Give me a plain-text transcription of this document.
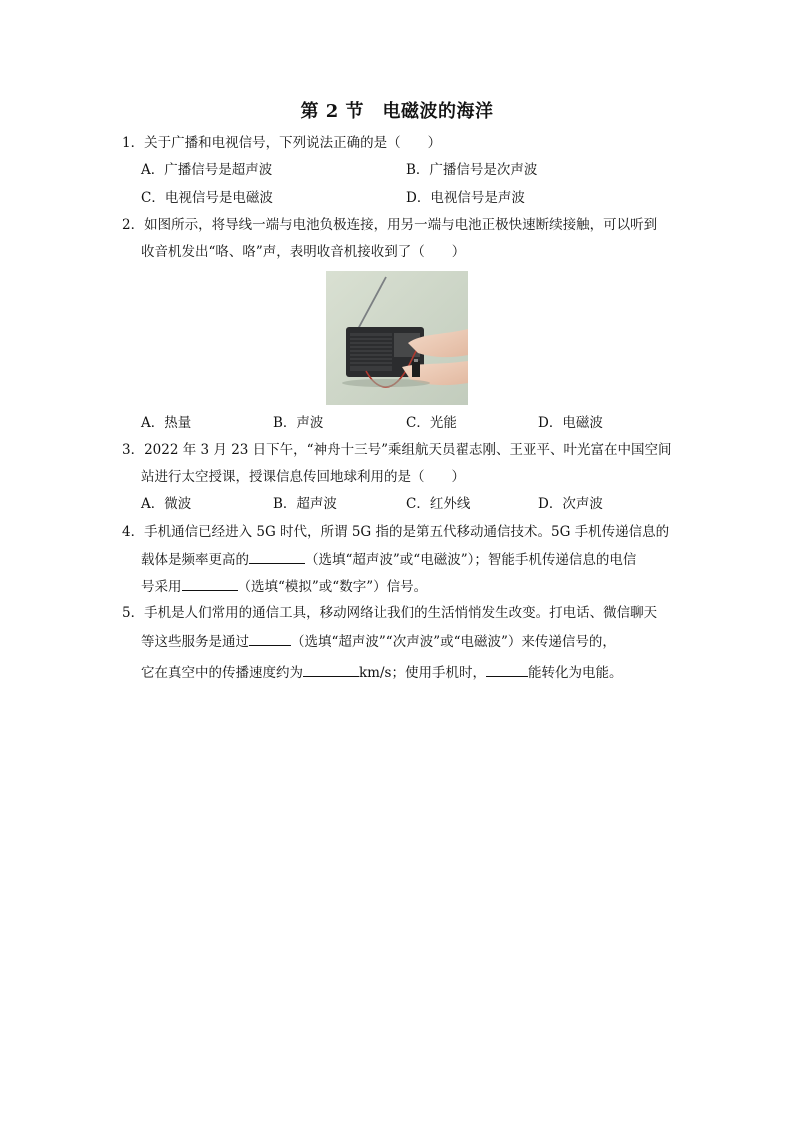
第 2 节　电磁波的海洋
1．关于广播和电视信号，下列说法正确的是（　　）
A．广播信号是超声波	B．广播信号是次声波
C．电视信号是电磁波	D．电视信号是声波
2．如图所示，将导线一端与电池负极连接，用另一端与电池正极快速断续接触，可以听到
收音机发出“咯、咯”声，表明收音机接收到了（　　）
A．热量	B．声波	C．光能	D．电磁波
3．2022 年 3 月 23 日下午，“神舟十三号”乘组航天员翟志刚、王亚平、叶光富在中国空间
站进行太空授课，授课信息传回地球利用的是（　　）
A．微波	B．超声波	C．红外线	D．次声波
4．手机通信已经进入 5G 时代，所谓 5G 指的是第五代移动通信技术。5G 手机传递信息的
载体是频率更高的	（选填“超声波”或“电磁波”）；智能手机传递信息的电信
号采用	（选填“模拟”或“数字”）信号。
5．手机是人们常用的通信工具，移动网络让我们的生活悄悄发生改变。打电话、微信聊天
等这些服务是通过	（选填“超声波”“次声波”或“电磁波”）来传递信号的，
它在真空中的传播速度约为	km/s；使用手机时，	能转化为电能。
